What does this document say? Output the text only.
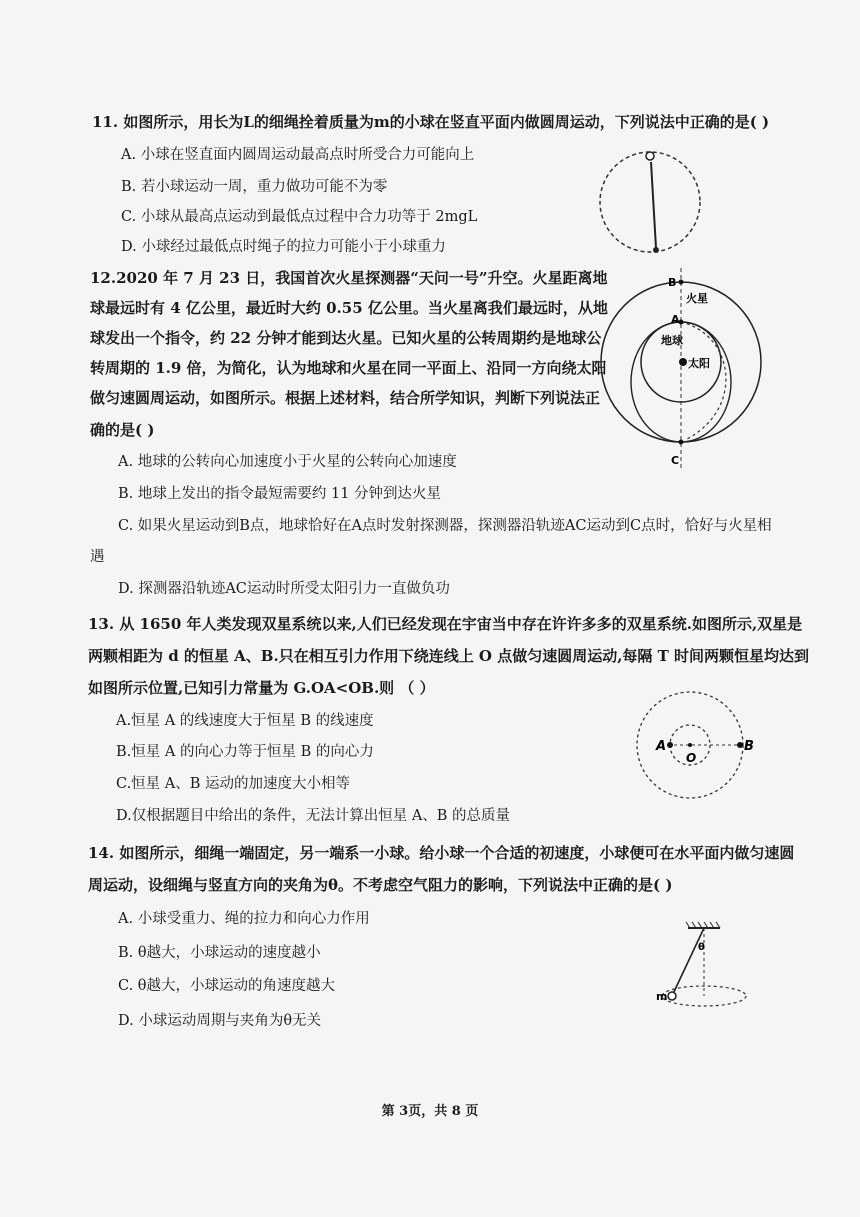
11. 如图所示，用长为L的细绳拴着质量为m的小球在竖直平面内做圆周运动，下列说法中正确的是( )
A. 小球在竖直面内圆周运动最高点时所受合力可能向上
B. 若小球运动一周，重力做功可能不为零
C. 小球从最高点运动到最低点过程中合力功等于 2mgL
D. 小球经过最低点时绳子的拉力可能小于小球重力
12.2020 年 7 月 23 日，我国首次火星探测器“天问一号”升空。火星距离地
球最远时有 4 亿公里，最近时大约 0.55 亿公里。当火星离我们最远时，从地
球发出一个指令，约 22 分钟才能到达火星。已知火星的公转周期约是地球公
转周期的 1.9 倍，为简化，认为地球和火星在同一平面上、沿同一方向绕太阳
做匀速圆周运动，如图所示。根据上述材料，结合所学知识，判断下列说法正
确的是( )
A. 地球的公转向心加速度小于火星的公转向心加速度
B. 地球上发出的指令最短需要约 11 分钟到达火星
C. 如果火星运动到B点，地球恰好在A点时发射探测器，探测器沿轨迹AC运动到C点时，恰好与火星相
遇
D. 探测器沿轨迹AC运动时所受太阳引力一直做负功
B
火星
A
地球
太阳
C
13. 从 1650 年人类发现双星系统以来,人们已经发现在宇宙当中存在许许多多的双星系统.如图所示,双星是
两颗相距为 d 的恒星 A、B.只在相互引力作用下绕连线上 O 点做匀速圆周运动,每隔 T 时间两颗恒星均达到
如图所示位置,已知引力常量为 G.OA<OB.则 （ ）
A.恒星 A 的线速度大于恒星 B 的线速度
B.恒星 A 的向心力等于恒星 B 的向心力
C.恒星 A、B 运动的加速度大小相等
D.仅根据题目中给出的条件，无法计算出恒星 A、B 的总质量
A
O
B
14. 如图所示，细绳一端固定，另一端系一小球。给小球一个合适的初速度，小球便可在水平面内做匀速圆
周运动，设细绳与竖直方向的夹角为θ。不考虑空气阻力的影响，下列说法中正确的是( )
A. 小球受重力、绳的拉力和向心力作用
B. θ越大，小球运动的速度越小
C. θ越大，小球运动的角速度越大
D. 小球运动周期与夹角为θ无关
θ
m
第 3页，共 8 页
